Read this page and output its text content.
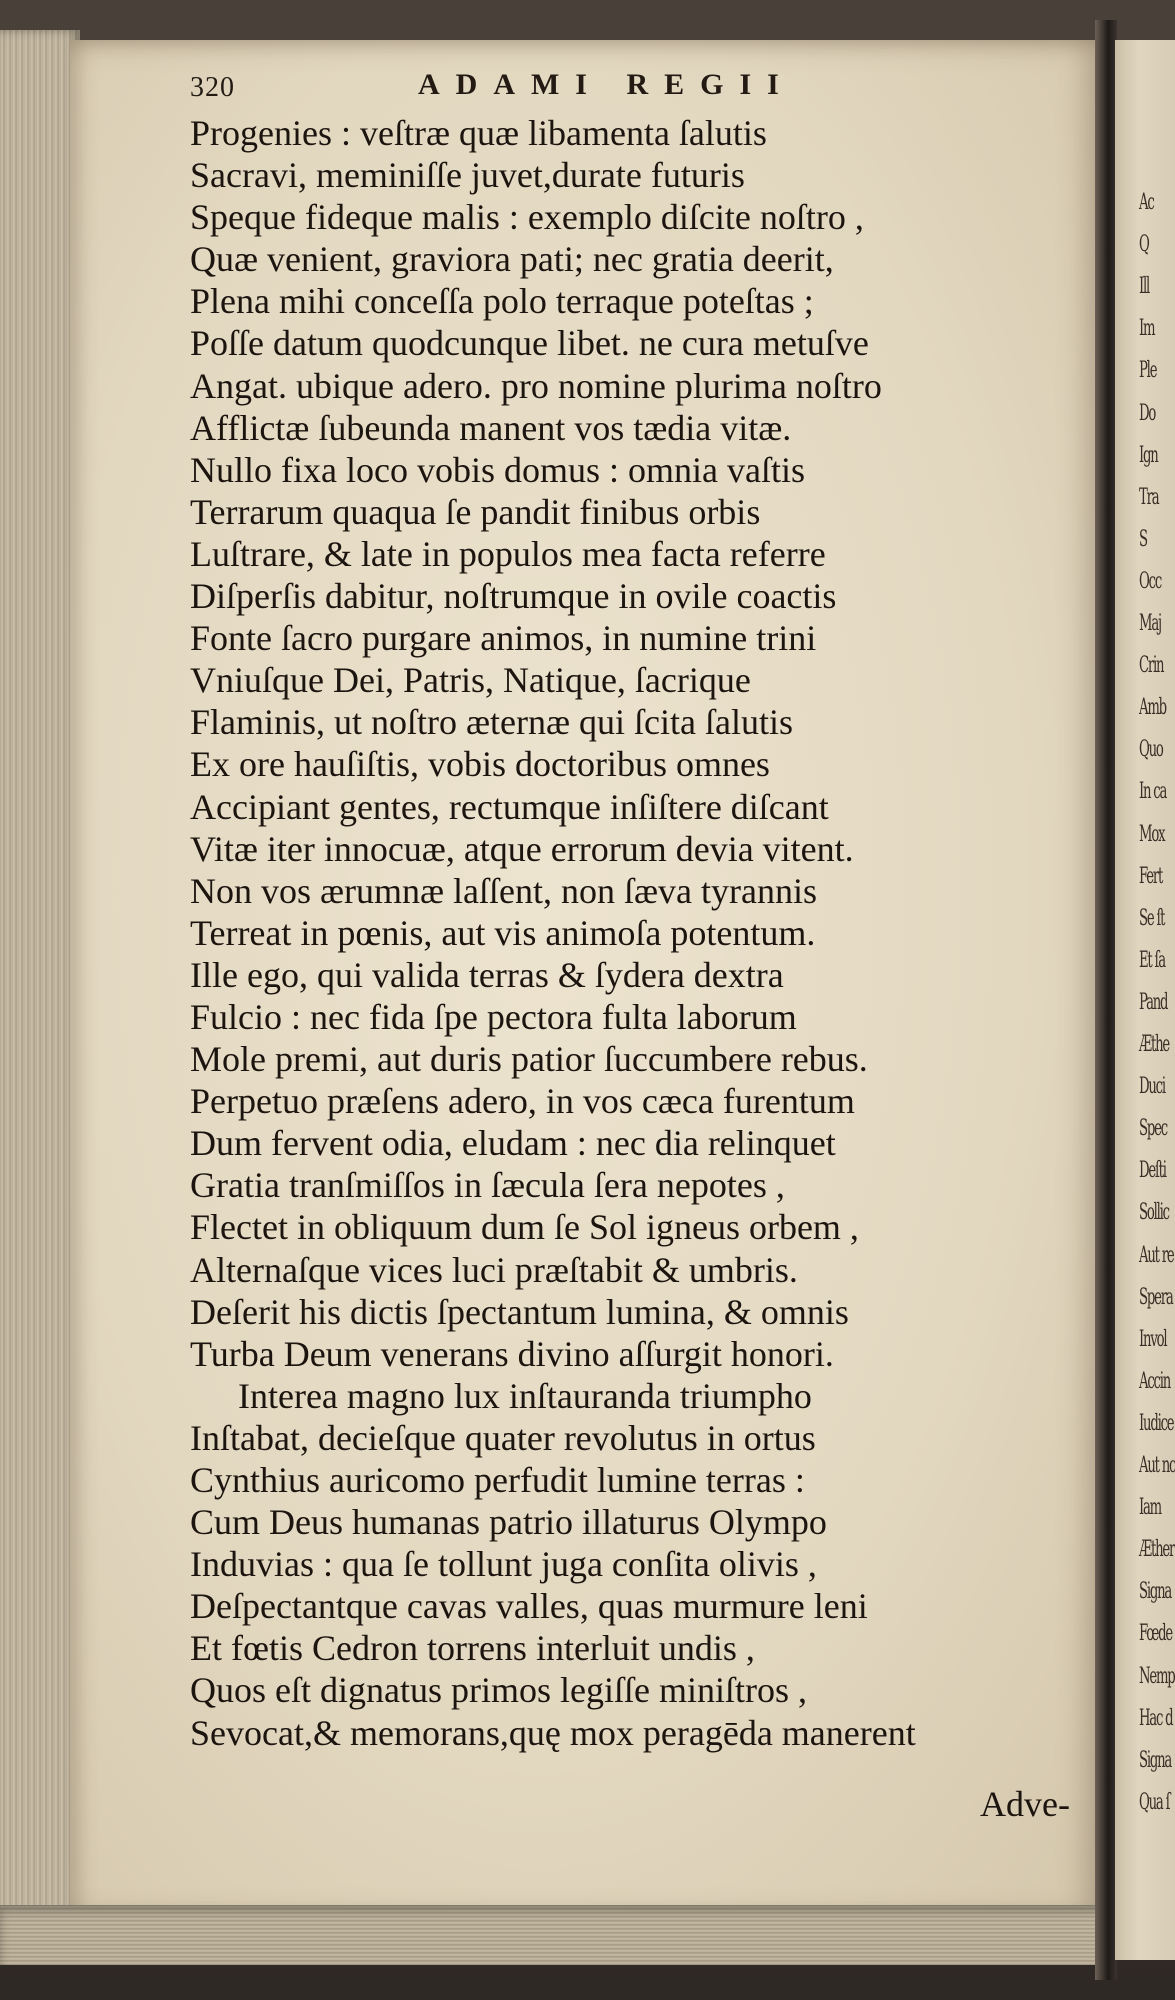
Ac
Q
Ill
Im
Ple
Do
Ign
Tra
S
Occ
Maj
Crin
Amb
Quo
In ca
Mox
Fert
Se ſt
Et ſa
Pand
Æthe
Duci
Spec
Deſti
Sollic
Aut re
Spera
Invol
Accin
Iudice
Aut nc
Iam
Æther
Signa
Fœde
Nemp
Hac d
Signa
Qua ſ
320	ADAMI REGII
Progenies : veſtræ quæ libamenta ſalutis
Sacravi, meminiſſe juvet,durate futuris
Speque fideque malis : exemplo diſcite noſtro ,
Quæ venient, graviora pati; nec gratia deerit,
Plena mihi conceſſa polo terraque poteſtas ;
Poſſe datum quodcunque libet. ne cura metuſve
Angat. ubique adero. pro nomine plurima noſtro
Afflictæ ſubeunda manent vos tædia vitæ.
Nullo fixa loco vobis domus : omnia vaſtis
Terrarum quaqua ſe pandit finibus orbis
Luſtrare, & late in populos mea facta referre
Diſperſis dabitur, noſtrumque in ovile coactis
Fonte ſacro purgare animos, in numine trini
Vniuſque Dei, Patris, Natique, ſacrique
Flaminis, ut noſtro æternæ qui ſcita ſalutis
Ex ore hauſiſtis, vobis doctoribus omnes
Accipiant gentes, rectumque inſiſtere diſcant
Vitæ iter innocuæ, atque errorum devia vitent.
Non vos ærumnæ laſſent, non ſæva tyrannis
Terreat in pœnis, aut vis animoſa potentum.
Ille ego, qui valida terras & ſydera dextra
Fulcio : nec fida ſpe pectora fulta laborum
Mole premi, aut duris patior ſuccumbere rebus.
Perpetuo præſens adero, in vos cæca furentum
Dum fervent odia, eludam : nec dia relinquet
Gratia tranſmiſſos in ſæcula ſera nepotes ,
Flectet in obliquum dum ſe Sol igneus orbem ,
Alternaſque vices luci præſtabit & umbris.
Deſerit his dictis ſpectantum lumina, & omnis
Turba Deum venerans divino aſſurgit honori.
Interea magno lux inſtauranda triumpho
Inſtabat, decieſque quater revolutus in ortus
Cynthius auricomo perfudit lumine terras :
Cum Deus humanas patrio illaturus Olympo
Induvias : qua ſe tollunt juga conſita olivis ,
Deſpectantque cavas valles, quas murmure leni
Et fœtis Cedron torrens interluit undis ,
Quos eſt dignatus primos legiſſe miniſtros ,
Sevocat,& memorans,quę mox peragēda manerent
Adve-
